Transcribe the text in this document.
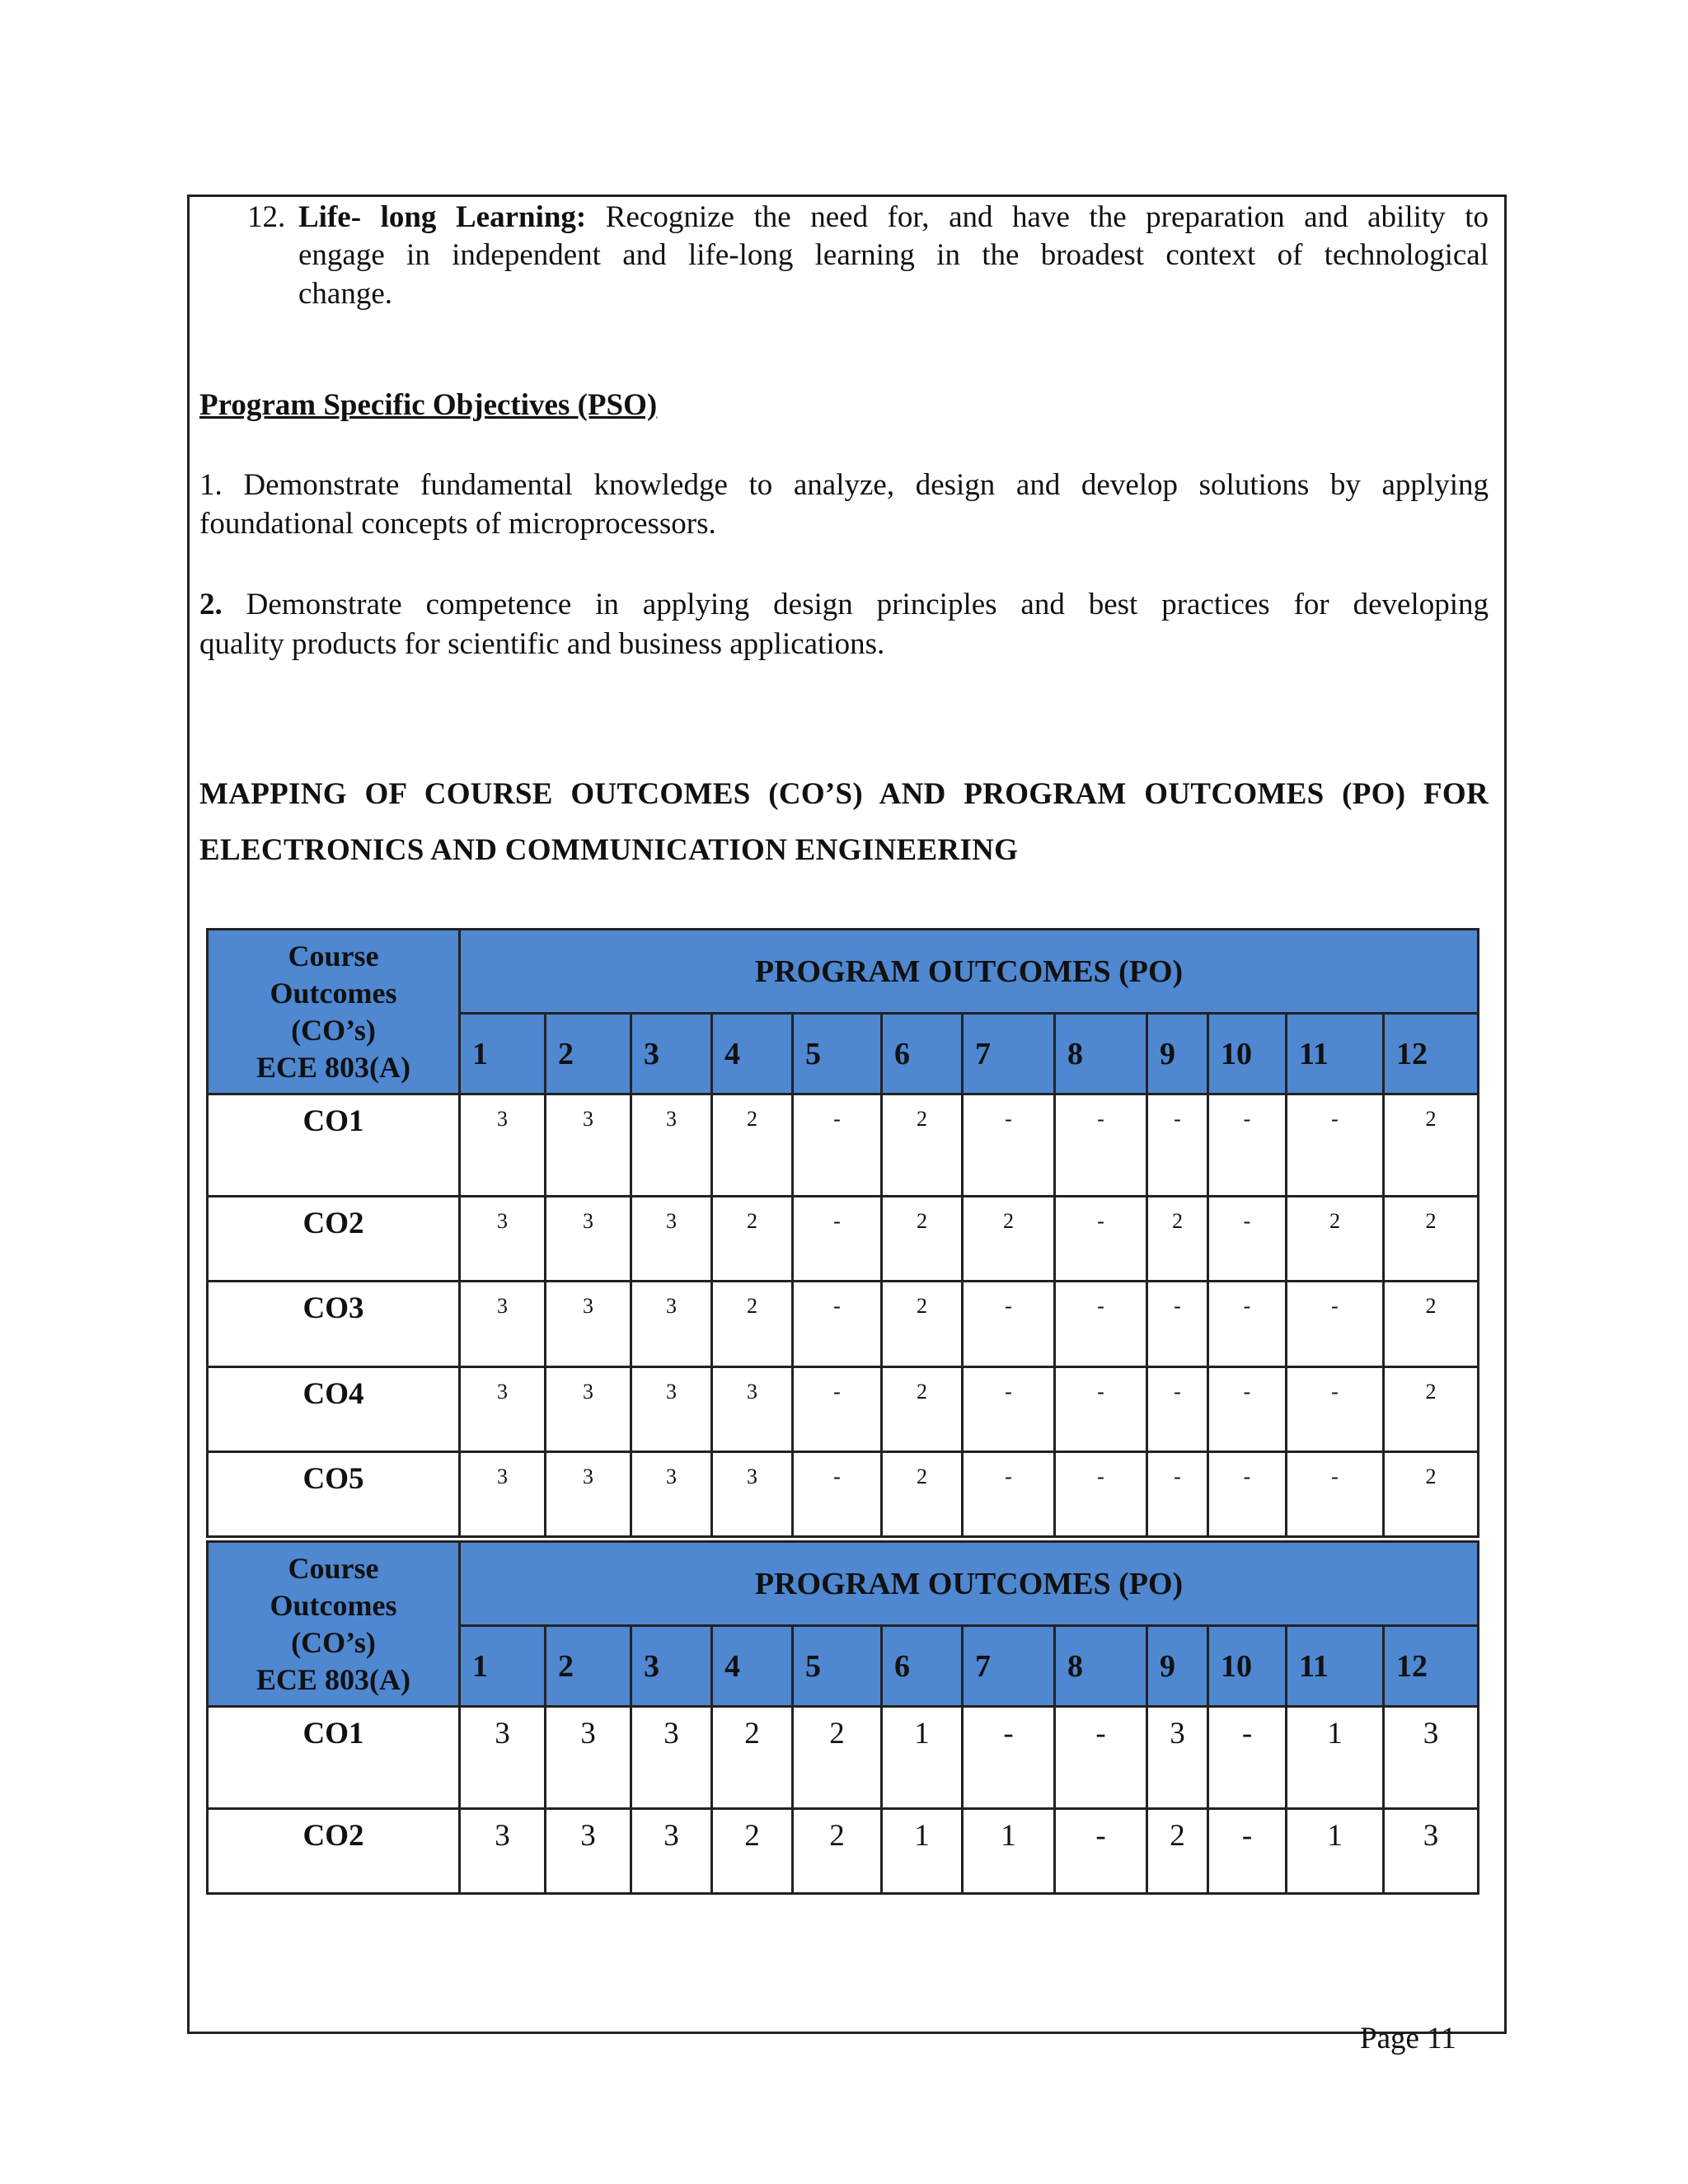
12. Life- long Learning: Recognize the need for, and have the preparation and ability to
engage in independent and life-long learning in the broadest context of technological
change.
Program Specific Objectives (PSO)
1. Demonstrate fundamental knowledge to analyze, design and develop solutions by applying
foundational concepts of microprocessors.
2. Demonstrate competence in applying design principles and best practices for developing
quality products for scientific and business applications.
MAPPING OF COURSE OUTCOMES (CO’S) AND PROGRAM OUTCOMES (PO) FOR
ELECTRONICS AND COMMUNICATION ENGINEERING
Course
Outcomes
(CO’s)
ECE 803(A)	PROGRAM OUTCOMES (PO)											
	1	2	3	4	5	6	7	8	9	10	11	12
CO1	3	3	3	2	-	2	-	-	-	-	-	2
CO2	3	3	3	2	-	2	2	-	2	-	2	2
CO3	3	3	3	2	-	2	-	-	-	-	-	2
CO4	3	3	3	3	-	2	-	-	-	-	-	2
CO5	3	3	3	3	-	2	-	-	-	-	-	2
Course
Outcomes
(CO’s)
ECE 803(A)	PROGRAM OUTCOMES (PO)											
	1	2	3	4	5	6	7	8	9	10	11	12
CO1	3	3	3	2	2	1	-	-	3	-	1	3
CO2	3	3	3	2	2	1	1	-	2	-	1	3
Page 11
